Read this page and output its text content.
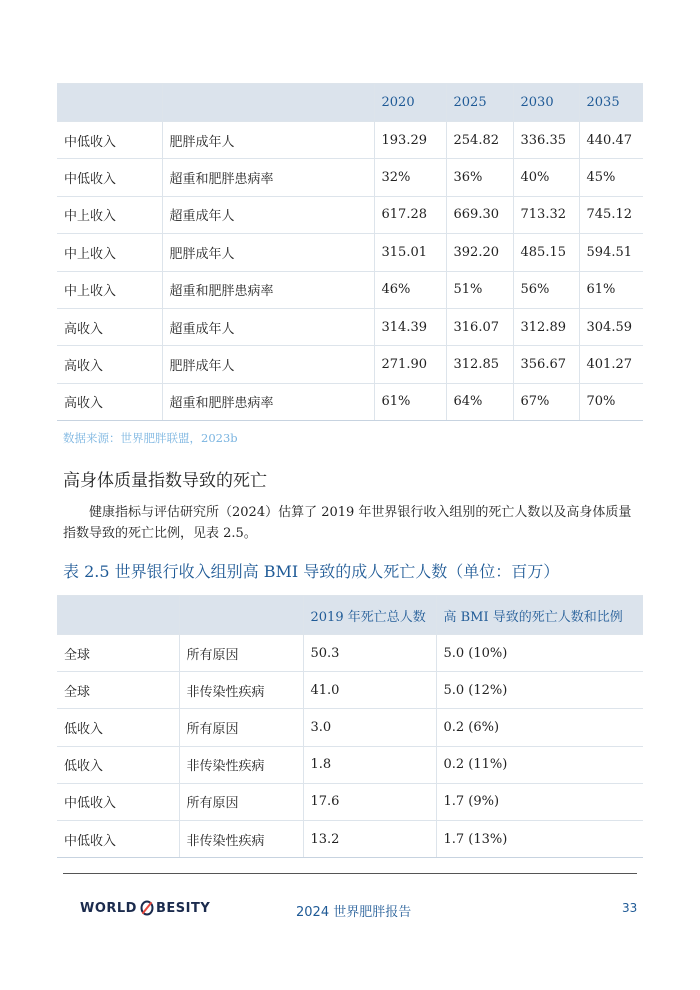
		2020	2025	2030	2035
中低收入	肥胖成年人	193.29	254.82	336.35	440.47
中低收入	超重和肥胖患病率	32%	36%	40%	45%
中上收入	超重成年人	617.28	669.30	713.32	745.12
中上收入	肥胖成年人	315.01	392.20	485.15	594.51
中上收入	超重和肥胖患病率	46%	51%	56%	61%
高收入	超重成年人	314.39	316.07	312.89	304.59
高收入	肥胖成年人	271.90	312.85	356.67	401.27
高收入	超重和肥胖患病率	61%	64%	67%	70%
数据来源：世界肥胖联盟，2023b
高身体质量指数导致的死亡
健康指标与评估研究所（2024）估算了 2019 年世界银行收入组别的死亡人数以及高身体质量指数导致的死亡比例，见表 2.5。
表 2.5 世界银行收入组别高 BMI 导致的成人死亡人数（单位：百万）
		2019 年死亡总人数	高 BMI 导致的死亡人数和比例
全球	所有原因	50.3	5.0 (10%)
全球	非传染性疾病	41.0	5.0 (12%)
低收入	所有原因	3.0	0.2 (6%)
低收入	非传染性疾病	1.8	0.2 (11%)
中低收入	所有原因	17.6	1.7 (9%)
中低收入	非传染性疾病	13.2	1.7 (13%)
WORLD BESITY	2024 世界肥胖报告	33
